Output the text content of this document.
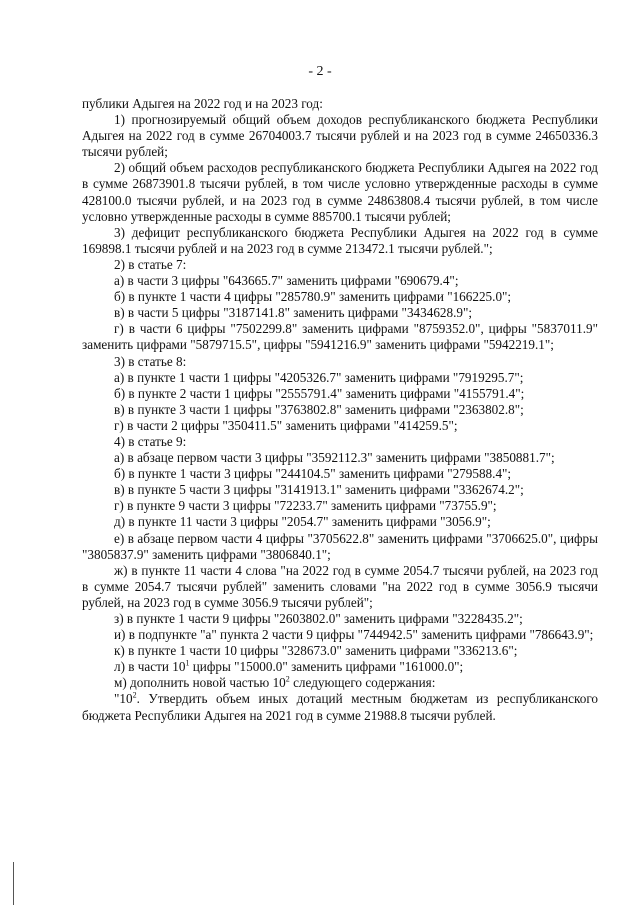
- 2 -

публики Адыгея на 2022 год и на 2023 год:

1) прогнозируемый общий объем доходов республиканского бюджета Республики Адыгея на 2022 год в сумме 26704003.7 тысячи рублей и на 2023 год в сумме 24650336.3 тысячи рублей;

2) общий объем расходов республиканского бюджета Республики Адыгея на 2022 год в сумме 26873901.8 тысячи рублей, в том числе условно утвержденные расходы в сумме 428100.0 тысячи рублей, и на 2023 год в сумме 24863808.4 тысячи рублей, в том числе условно утвержденные расходы в сумме 885700.1 тысячи рублей;

3) дефицит республиканского бюджета Республики Адыгея на 2022 год в сумме 169898.1 тысячи рублей и на 2023 год в сумме 213472.1 тысячи рублей.";

2) в статье 7:

а) в части 3 цифры "643665.7" заменить цифрами "690679.4";

б) в пункте 1 части 4 цифры "285780.9" заменить цифрами "166225.0";

в) в части 5 цифры "3187141.8" заменить цифрами "3434628.9";

г) в части 6 цифры "7502299.8" заменить цифрами "8759352.0", цифры "5837011.9" заменить цифрами "5879715.5", цифры "5941216.9" заменить цифрами "5942219.1";

3) в статье 8:

а) в пункте 1 части 1 цифры "4205326.7" заменить цифрами "7919295.7";

б) в пункте 2 части 1 цифры "2555791.4" заменить цифрами "4155791.4";

в) в пункте 3 части 1 цифры "3763802.8" заменить цифрами "2363802.8";

г) в части 2 цифры "350411.5" заменить цифрами "414259.5";

4) в статье 9:

а) в абзаце первом части 3 цифры "3592112.3" заменить цифрами "3850881.7";

б) в пункте 1 части 3 цифры "244104.5" заменить цифрами "279588.4";

в) в пункте 5 части 3 цифры "3141913.1" заменить цифрами "3362674.2";

г) в пункте 9 части 3 цифры "72233.7" заменить цифрами "73755.9";

д) в пункте 11 части 3 цифры "2054.7" заменить цифрами "3056.9";

е) в абзаце первом части 4 цифры "3705622.8" заменить цифрами "3706625.0", цифры "3805837.9" заменить цифрами "3806840.1";

ж) в пункте 11 части 4 слова "на 2022 год в сумме 2054.7 тысячи рублей, на 2023 год в сумме 2054.7 тысячи рублей" заменить словами "на 2022 год в сумме 3056.9 тысячи рублей, на 2023 год в сумме 3056.9 тысячи рублей";

з) в пункте 1 части 9 цифры "2603802.0" заменить цифрами "3228435.2";

и) в подпункте "а" пункта 2 части 9 цифры "744942.5" заменить цифрами "786643.9";

к) в пункте 1 части 10 цифры "328673.0" заменить цифрами "336213.6";

л) в части $10^1$ цифры "15000.0" заменить цифрами "161000.0";

м) дополнить новой частью $10^2$ следующего содержания:

"$10^2$. Утвердить объем иных дотаций местным бюджетам из республиканского бюджета Республики Адыгея на 2021 год в сумме 21988.8 тысячи рублей.
